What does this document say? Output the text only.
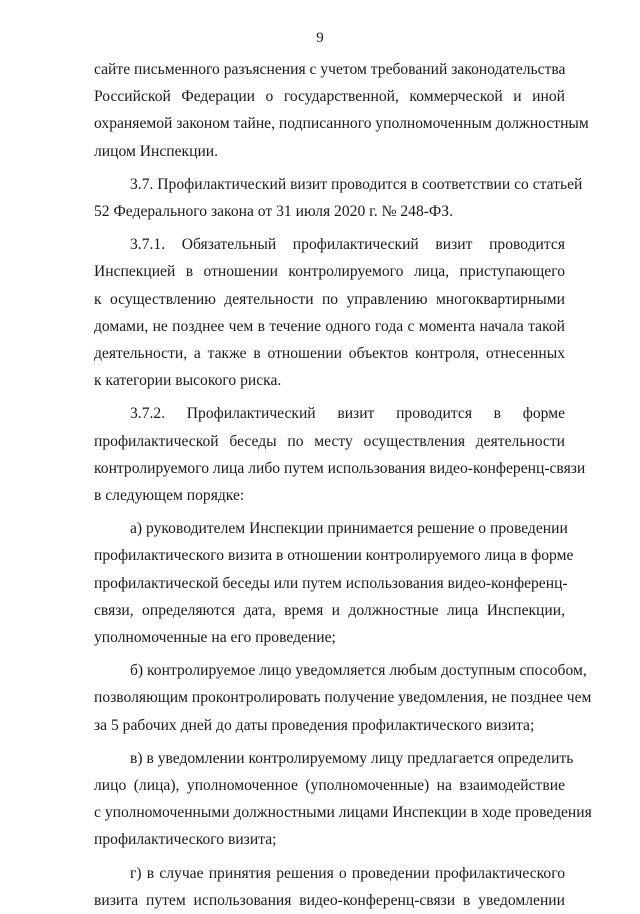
9

сайте письменного разъяснения с учетом требований законодательства
Российской Федерации о государственной, коммерческой и иной
охраняемой законом тайне, подписанного уполномоченным должностным
лицом Инспекции.

3.7. Профилактический визит проводится в соответствии со статьей
52 Федерального закона от 31 июля 2020 г. № 248-ФЗ.

3.7.1. Обязательный профилактический визит проводится
Инспекцией в отношении контролируемого лица, приступающего
к осуществлению деятельности по управлению многоквартирными
домами, не позднее чем в течение одного года с момента начала такой
деятельности, а также в отношении объектов контроля, отнесенных
к категории высокого риска.

3.7.2. Профилактический визит проводится в форме
профилактической беседы по месту осуществления деятельности
контролируемого лица либо путем использования видео-конференц-связи
в следующем порядке:

а) руководителем Инспекции принимается решение о проведении
профилактического визита в отношении контролируемого лица в форме
профилактической беседы или путем использования видео-конференц-
связи, определяются дата, время и должностные лица Инспекции,
уполномоченные на его проведение;

б) контролируемое лицо уведомляется любым доступным способом,
позволяющим проконтролировать получение уведомления, не позднее чем
за 5 рабочих дней до даты проведения профилактического визита;

в) в уведомлении контролируемому лицу предлагается определить
лицо (лица), уполномоченное (уполномоченные) на взаимодействие
с уполномоченными должностными лицами Инспекции в ходе проведения
профилактического визита;

г) в случае принятия решения о проведении профилактического
визита путем использования видео-конференц-связи в уведомлении
